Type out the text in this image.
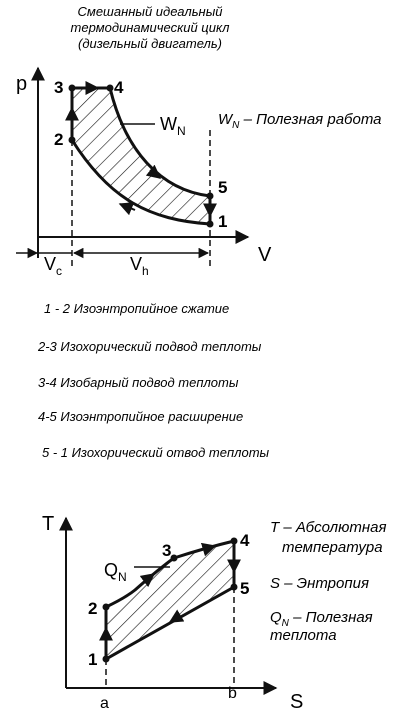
Смешанный идеальный
термодинамический цикл
(дизельный двигатель)
p
V
3	4
2
5
1
$W_N$
$W_N$ – Полезная работа
$V_c$	$V_h$
1 - 2 Изоэнтропийное сжатие
2-3 Изохорический подвод теплоты
3-4 Изобарный подвод теплоты
4-5 Изоэнтропийное расширение
5 - 1 Изохорический отвод теплоты
T
S
a
b
1
2
3
4
5
$Q_N$
T – Абсолютная
температура
S – Энтропия
$Q_N$ – Полезная
теплота
